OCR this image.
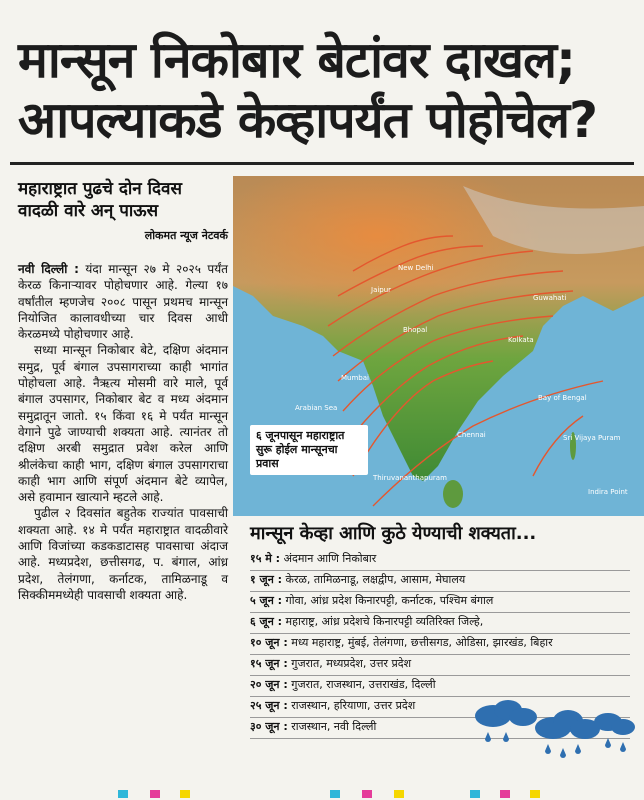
मान्सून निकोबार बेटांवर दाखल;
आपल्याकडे केव्हापर्यंत पोहोचेल?
महाराष्ट्रात पुढचे दोन दिवस
वादळी वारे अन् पाऊस
लोकमत न्यूज नेटवर्क

नवी दिल्ली : यंदा मान्सून २७ मे २०२५ पर्यंत केरळ किनाऱ्यावर पोहोचणार आहे. गेल्या १७ वर्षांतील म्हणजेच २००८ पासून प्रथमच मान्सून नियोजित कालावधीच्या चार दिवस आधी केरळमध्ये पोहोचणार आहे.

सध्या मान्सून निकोबार बेटे, दक्षिण अंदमान समुद्र, पूर्व बंगाल उपसागराच्या काही भागांत पोहोचला आहे. नैऋत्य मोसमी वारे माले, पूर्व बंगाल उपसागर, निकोबार बेट व मध्य अंदमान समुद्रातून जातो. १५ किंवा १६ मे पर्यंत मान्सून वेगाने पुढे जाण्याची शक्यता आहे. त्यानंतर तो दक्षिण अरबी समुद्रात प्रवेश करेल आणि श्रीलंकेचा काही भाग, दक्षिण बंगाल उपसागराचा काही भाग आणि संपूर्ण अंदमान बेटे व्यापेल, असे हवामान खात्याने म्हटले आहे.

पुढील २ दिवसांत बहुतेक राज्यांत पावसाची शक्यता आहे. १४ मे पर्यंत महाराष्ट्रात वादळीवारे आणि विजांच्या कडकडाटासह पावसाचा अंदाज आहे. मध्यप्रदेश, छत्तीसगढ, प. बंगाल, आंध्र प्रदेश, तेलंगणा, कर्नाटक, तामिळनाडू व सिक्कीममध्येही पावसाची शक्यता आहे.

New Delhi
Jaipur
Guwahati
Bhopal
Kolkata
Mumbai
Arabian Sea
Bay of Bengal
Chennai
Thiruvananthapuram
Sri Vijaya Puram
Indira Point
६ जूनपासून महाराष्ट्रात सुरू होईल मान्सूनचा प्रवास
मान्सून केव्हा आणि कुठे येण्याची शक्यता...
१५ मे : अंदमान आणि निकोबार
१ जून : केरळ, तामिळनाडू, लक्षद्वीप, आसाम, मेघालय
५ जून : गोवा, आंध्र प्रदेश किनारपट्टी, कर्नाटक, पश्चिम बंगाल
६ जून : महाराष्ट्र, आंध्र प्रदेशचे किनारपट्टी व्यतिरिक्त जिल्हे,
१० जून : मध्य महाराष्ट्र, मुंबई, तेलंगणा, छत्तीसगड, ओडिसा, झारखंड, बिहार
१५ जून : गुजरात, मध्यप्रदेश, उत्तर प्रदेश
२० जून : गुजरात, राजस्थान, उत्तराखंड, दिल्ली
२५ जून : राजस्थान, हरियाणा, उत्तर प्रदेश
३० जून : राजस्थान, नवी दिल्ली
